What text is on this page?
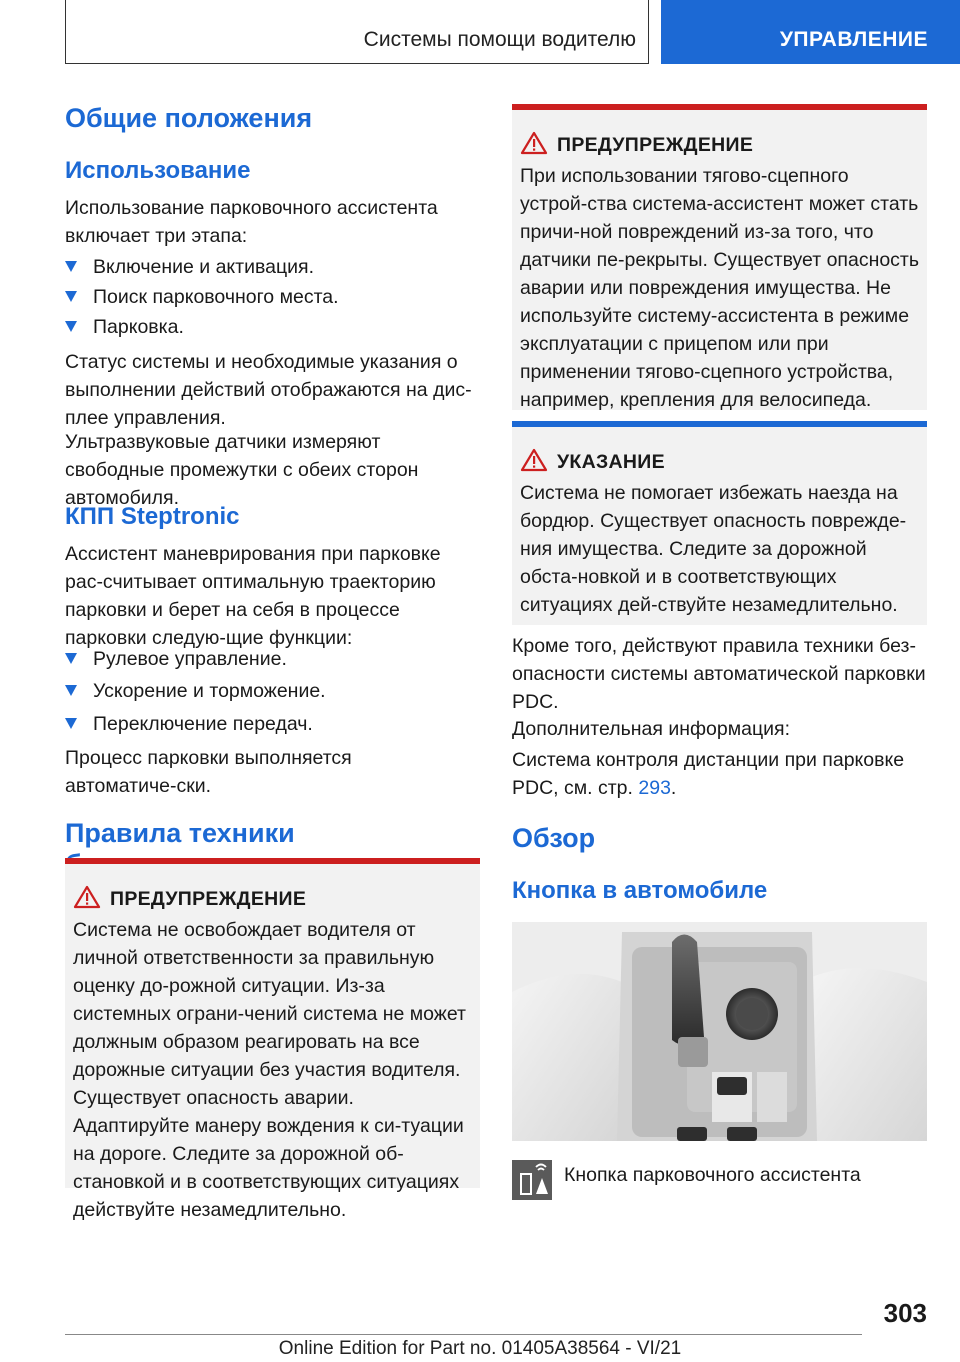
Системы помощи водителю	УПРАВЛЕНИЕ
Общие положения
Использование

Использование парковочного ассистента включает три этапа:

Включение и активация.
Поиск парковочного места.
Парковка.

Статус системы и необходимые указания о выполнении действий отображаются на дис-плее управления.

Ультразвуковые датчики измеряют свободные промежутки с обеих сторон автомобиля.

КПП Steptronic

Ассистент маневрирования при парковке рас-считывает оптимальную траекторию парковки и берет на себя в процессе парковки следую-щие функции:

Рулевое управление.
Ускорение и торможение.
Переключение передач.

Процесс парковки выполняется автоматиче-ски.

Правила техники
ПРЕДУПРЕЖДЕНИЕ
Система не освобождает водителя от личной ответственности за правильную оценку до-рожной ситуации. Из-за системных ограни-чений система не может должным образом реагировать на все дорожные ситуации без участия водителя. Существует опасность аварии. Адаптируйте манеру вождения к си-туации на дороге. Следите за дорожной об-становкой и в соответствующих ситуациях действуйте незамедлительно.
ПРЕДУПРЕЖДЕНИЕ
При использовании тягово-сцепного устрой-ства система-ассистент может стать причи-ной повреждений из-за того, что датчики пе-рекрыты. Существует опасность аварии или повреждения имущества. Не используйте систему-ассистента в режиме эксплуатации с прицепом или при применении тягово-сцепного устройства, например, крепления для велосипеда.
УКАЗАНИЕ
Система не помогает избежать наезда на бордюр. Существует опасность поврежде-ния имущества. Следите за дорожной обста-новкой и в соответствующих ситуациях дей-ствуйте незамедлительно.

Кроме того, действуют правила техники без-опасности системы автоматической парковки PDC.

Дополнительная информация:

Система контроля дистанции при парковке PDC, см. стр. 293.

Обзор
Кнопка в автомобиле
Кнопка парковочного ассистента
303
Online Edition for Part no. 01405A38564 - VI/21
